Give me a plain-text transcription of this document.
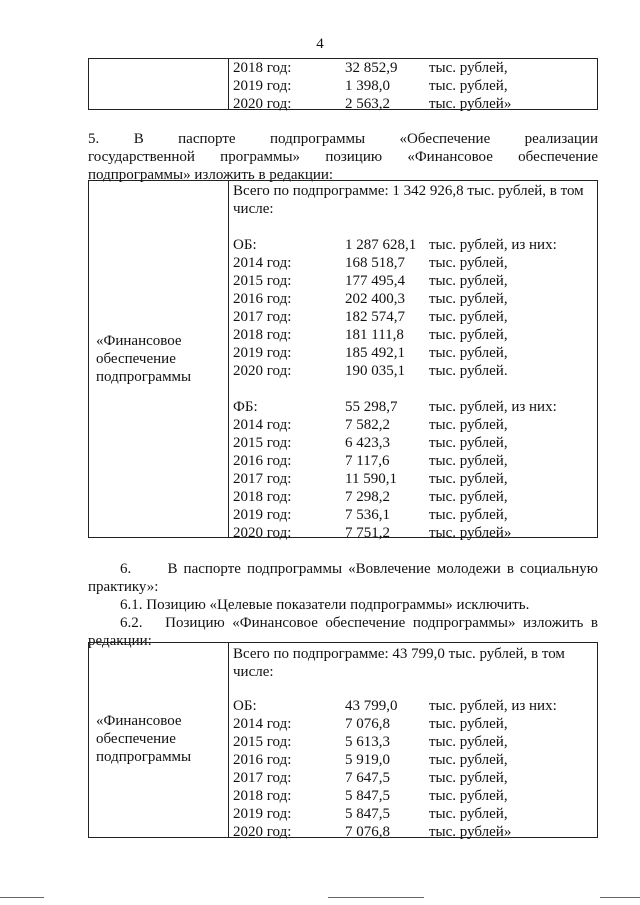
4
2018 год:	32 852,9 тыс. рублей,
2019 год:	1 398,0	тыс. рублей,
2020 год:	2 563,2	тыс. рублей»
5.      В      паспорте      подпрограммы      «Обеспечение      реализации
государственной      программы»      позицию      «Финансовое      обеспечение
подпрограммы» изложить в редакции:
«Финансовое
обеспечение
подпрограммы
Всего по подпрограмме: 1 342 926,8 тыс. рублей, в том
числе:
ОБ:	1 287 628,1 тыс. рублей, из них:
2014 год:	168 518,7 тыс. рублей,
2015 год:	177 495,4 тыс. рублей,
2016 год:	202 400,3 тыс. рублей,
2017 год:	182 574,7 тыс. рублей,
2018 год:	181 111,8 тыс. рублей,
2019 год:	185 492,1 тыс. рублей,
2020 год:	190 035,1 тыс. рублей.
ФБ:	55 298,7 тыс. рублей, из них:
2014 год:	7 582,2	тыс. рублей,
2015 год:	6 423,3	тыс. рублей,
2016 год:	7 117,6	тыс. рублей,
2017 год:	11 590,1 тыс. рублей,
2018 год:	7 298,2	тыс. рублей,
2019 год:	7 536,1	тыс. рублей,
2020 год:	7 751,2	тыс. рублей»
6.      В паспорте подпрограммы «Вовлечение молодежи в социальную
практику»:
6.1. Позицию «Целевые показатели подпрограммы» исключить.
6.2.   Позицию «Финансовое обеспечение подпрограммы» изложить в
редакции:
«Финансовое
обеспечение
подпрограммы
Всего по подпрограмме: 43 799,0 тыс. рублей, в том
числе:
ОБ:	43 799,0 тыс. рублей, из них:
2014 год:	7 076,8	тыс. рублей,
2015 год:	5 613,3	тыс. рублей,
2016 год:	5 919,0	тыс. рублей,
2017 год:	7 647,5	тыс. рублей,
2018 год:	5 847,5	тыс. рублей,
2019 год:	5 847,5	тыс. рублей,
2020 год:	7 076,8	тыс. рублей»
